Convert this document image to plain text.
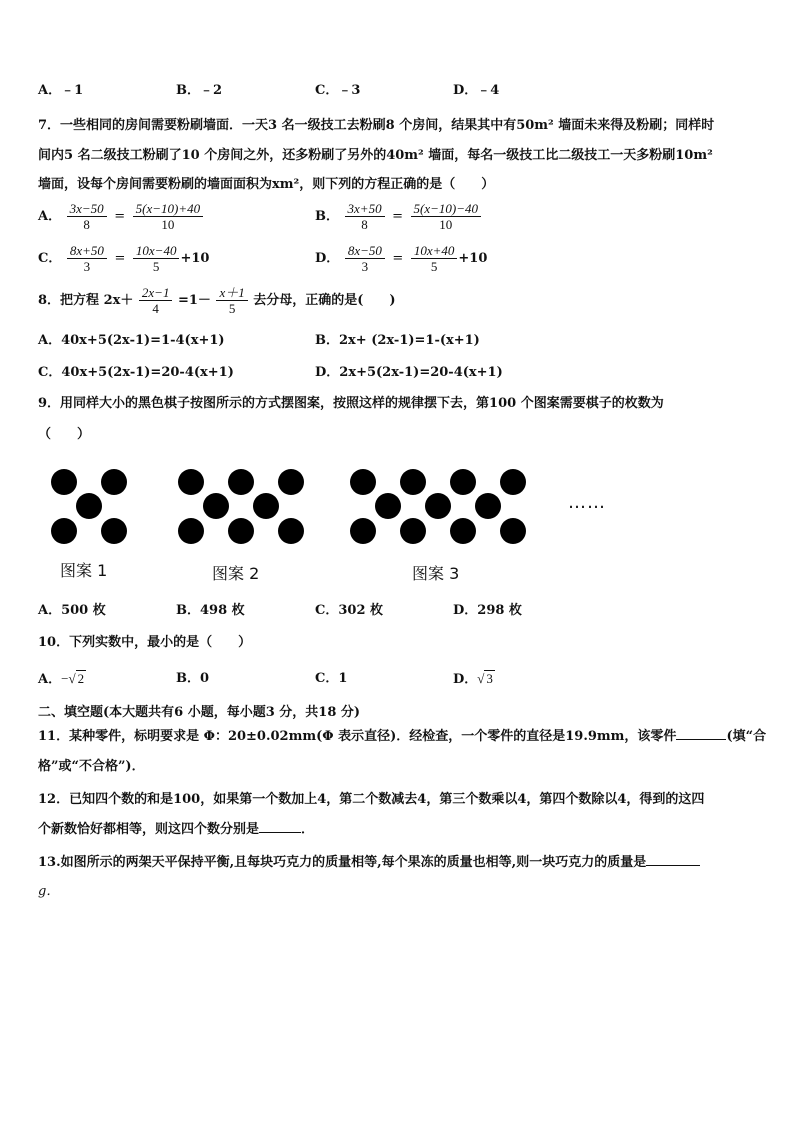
A．﹣1	B．﹣2	C．﹣3	D．﹣4
7．一些相同的房间需要粉刷墙面．一天3 名一级技工去粉刷8 个房间，结果其中有50m² 墙面未来得及粉刷；同样时
间内5 名二级技工粉刷了10 个房间之外，还多粉刷了另外的40m² 墙面，每名一级技工比二级技工一天多粉刷10m²
墙面，设每个房间需要粉刷的墙面面积为xm²，则下列的方程正确的是（　　）
A． $\frac{3x-50}{8} = \frac{5(x-10)+40}{10}$	B． $\frac{3x+50}{8} = \frac{5(x-10)-40}{10}$
C． $\frac{8x+50}{3} = \frac{10x-40}{5} +10$	D． $\frac{8x-50}{3} = \frac{10x+40}{5} +10$
8．把方程 $2x+ \frac{2x-1}{4} =1- \frac{x+1}{5}$ 去分母，正确的是(　　)
A．40x+5(2x-1)=1-4(x+1)	B．2x+ (2x-1)=1-(x+1)
C．40x+5(2x-1)=20-4(x+1)	D．2x+5(2x-1)=20-4(x+1)
9．用同样大小的黑色棋子按图所示的方式摆图案，按照这样的规律摆下去，第100 个图案需要棋子的枚数为
（　　）
……
图案 1	图案 2	图案 3
A．500 枚	B．498 枚	C．302 枚	D．298 枚
10．下列实数中，最小的是（　　）
A．−√ 2	B．0	C．1	D．√ 3
二、填空题(本大题共有6 小题，每小题3 分，共18 分)
11．某种零件，标明要求是 Φ：20±0.02mm(Φ 表示直径)．经检查，一个零件的直径是19.9mm，该零件	(填“合
格”或“不合格”)．
12．已知四个数的和是100，如果第一个数加上4，第二个数减去4，第三个数乘以4，第四个数除以4，得到的这四
个新数恰好都相等，则这四个数分别是	．
13.如图所示的两架天平保持平衡,且每块巧克力的质量相等,每个果冻的质量也相等,则一块巧克力的质量是
g．
